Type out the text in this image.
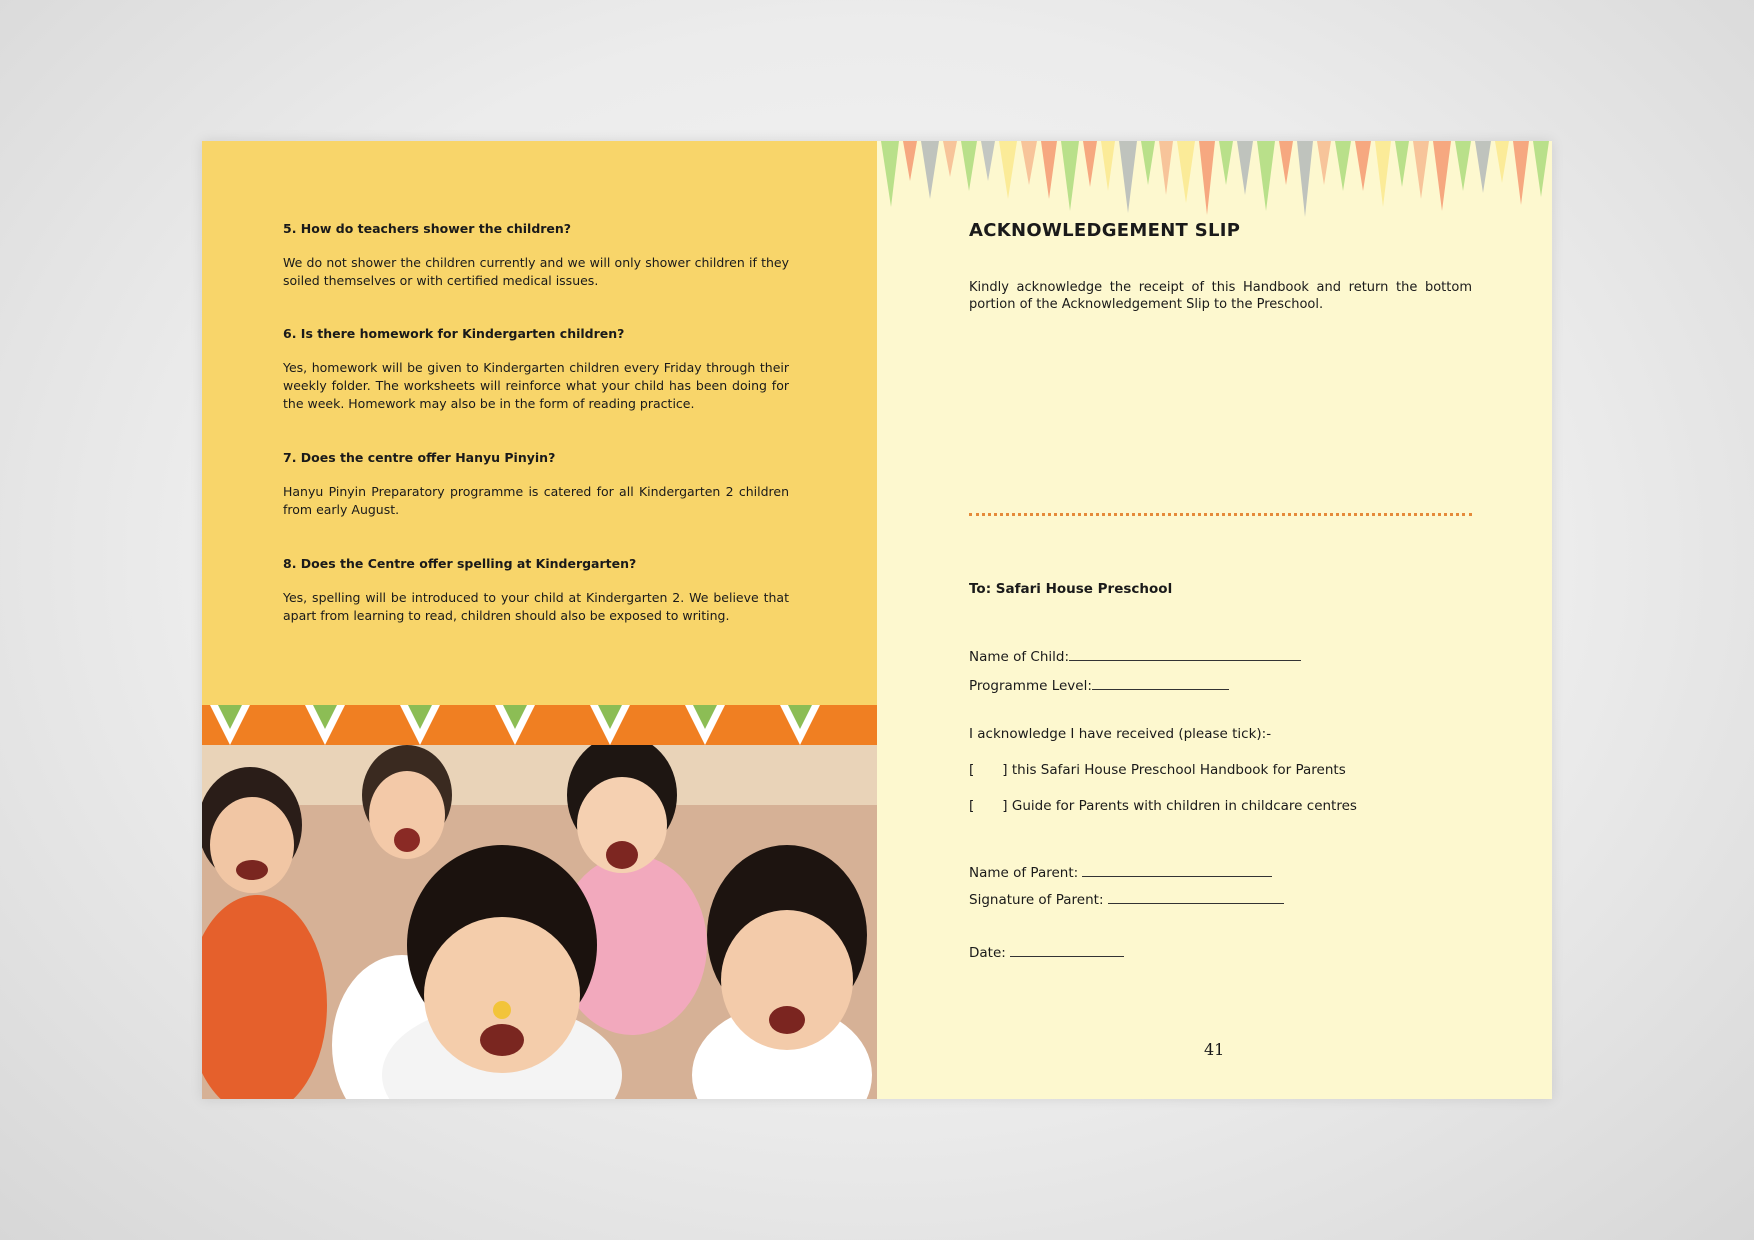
5. How do teachers shower the children?

We do not shower the children currently and we will only shower children if they soiled themselves or with certified medical issues.

6. Is there homework for Kindergarten children?

Yes, homework will be given to Kindergarten children every Friday through their weekly folder. The worksheets will reinforce what your child has been doing for the week. Homework may also be in the form of reading practice.

7. Does the centre offer Hanyu Pinyin?

Hanyu Pinyin Preparatory programme is catered for all Kindergarten 2 children from early August.

8. Does the Centre offer spelling at Kindergarten?

Yes, spelling will be introduced to your child at Kindergarten 2. We believe that apart from learning to read, children should also be exposed to writing.

ACKNOWLEDGEMENT SLIP
Kindly acknowledge the receipt of this Handbook and return the bottom portion of the Acknowledgement Slip to the Preschool.
To: Safari House Preschool
Name of Child:
Programme Level:
I acknowledge I have received (please tick):-
[ ] this Safari House Preschool Handbook for Parents
[ ] Guide for Parents with children in childcare centres
Name of Parent:
Signature of Parent:
Date:
41
